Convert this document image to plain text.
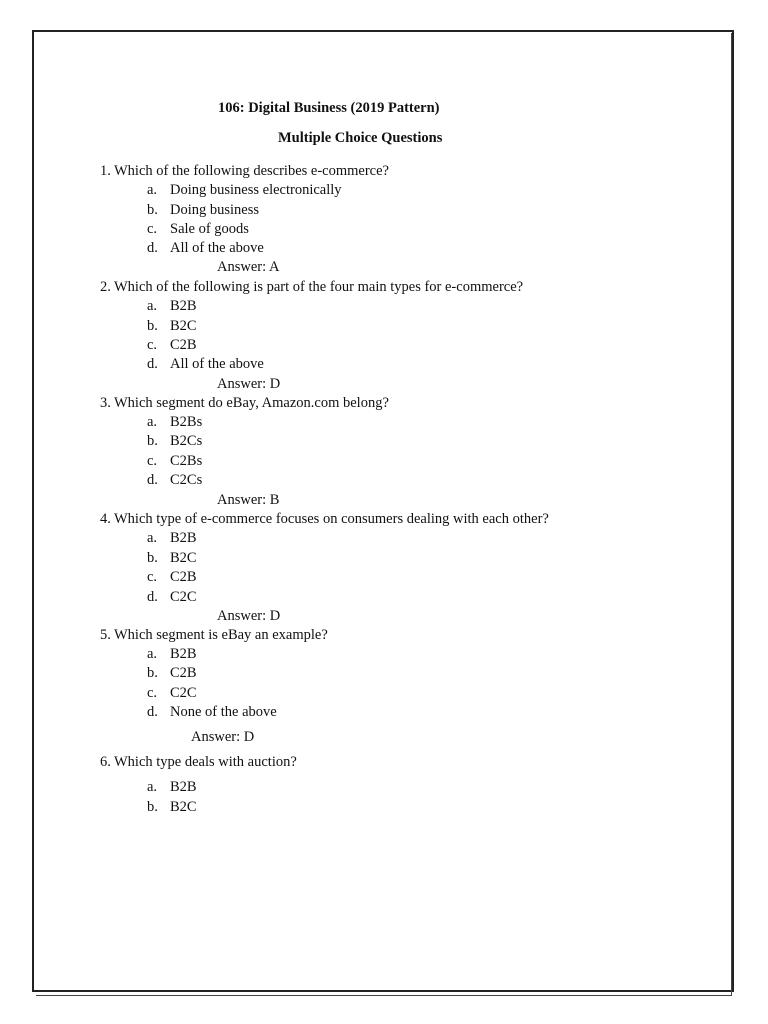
106: Digital Business (2019 Pattern)
Multiple Choice Questions
1. Which of the following describes e-commerce?
a. Doing business electronically
b. Doing business
c. Sale of goods
d. All of the above
Answer: A
2. Which of the following is part of the four main types for e-commerce?
a. B2B
b. B2C
c. C2B
d. All of the above
Answer: D
3. Which segment do eBay, Amazon.com belong?
a. B2Bs
b. B2Cs
c. C2Bs
d. C2Cs
Answer: B
4. Which type of e-commerce focuses on consumers dealing with each other?
a. B2B
b. B2C
c. C2B
d. C2C
Answer: D
5. Which segment is eBay an example?
a. B2B
b. C2B
c. C2C
d. None of the above
Answer: D
6. Which type deals with auction?
a. B2B
b. B2C
